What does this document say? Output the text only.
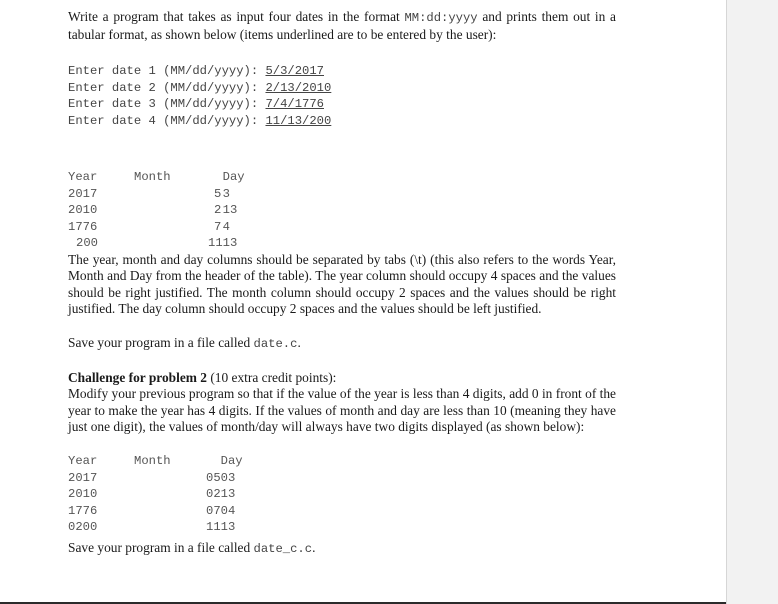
Write a program that takes as input four dates in the format MM:dd:yyyy and prints them out in a tabular format, as shown below (items underlined are to be entered by the user):

Enter date 1 (MM/dd/yyyy): 5/3/2017
Enter date 2 (MM/dd/yyyy): 2/13/2010
Enter date 3 (MM/dd/yyyy): 7/4/1776
Enter date 4 (MM/dd/yyyy): 11/13/200
Year	Month	Day
2017	5	3
2010	2	13
1776	7	4
200	11	13

The year, month and day columns should be separated by tabs (\t) (this also refers to the words Year, Month and Day from the header of the table). The year column should occupy 4 spaces and the values should be right justified. The month column should occupy 2 spaces and the values should be right justified. The day column should occupy 2 spaces and the values should be left justified.

Save your program in a file called date.c.

Challenge for problem 2 (10 extra credit points):

Modify your previous program so that if the value of the year is less than 4 digits, add 0 in front of the year to make the year has 4 digits. If the values of month and day are less than 10 (meaning they have just one digit), the values of month/day will always have two digits displayed (as shown below):

Year	Month	Day
2017	05	03
2010	02	13
1776	07	04
0200	11	13

Save your program in a file called date_c.c.
